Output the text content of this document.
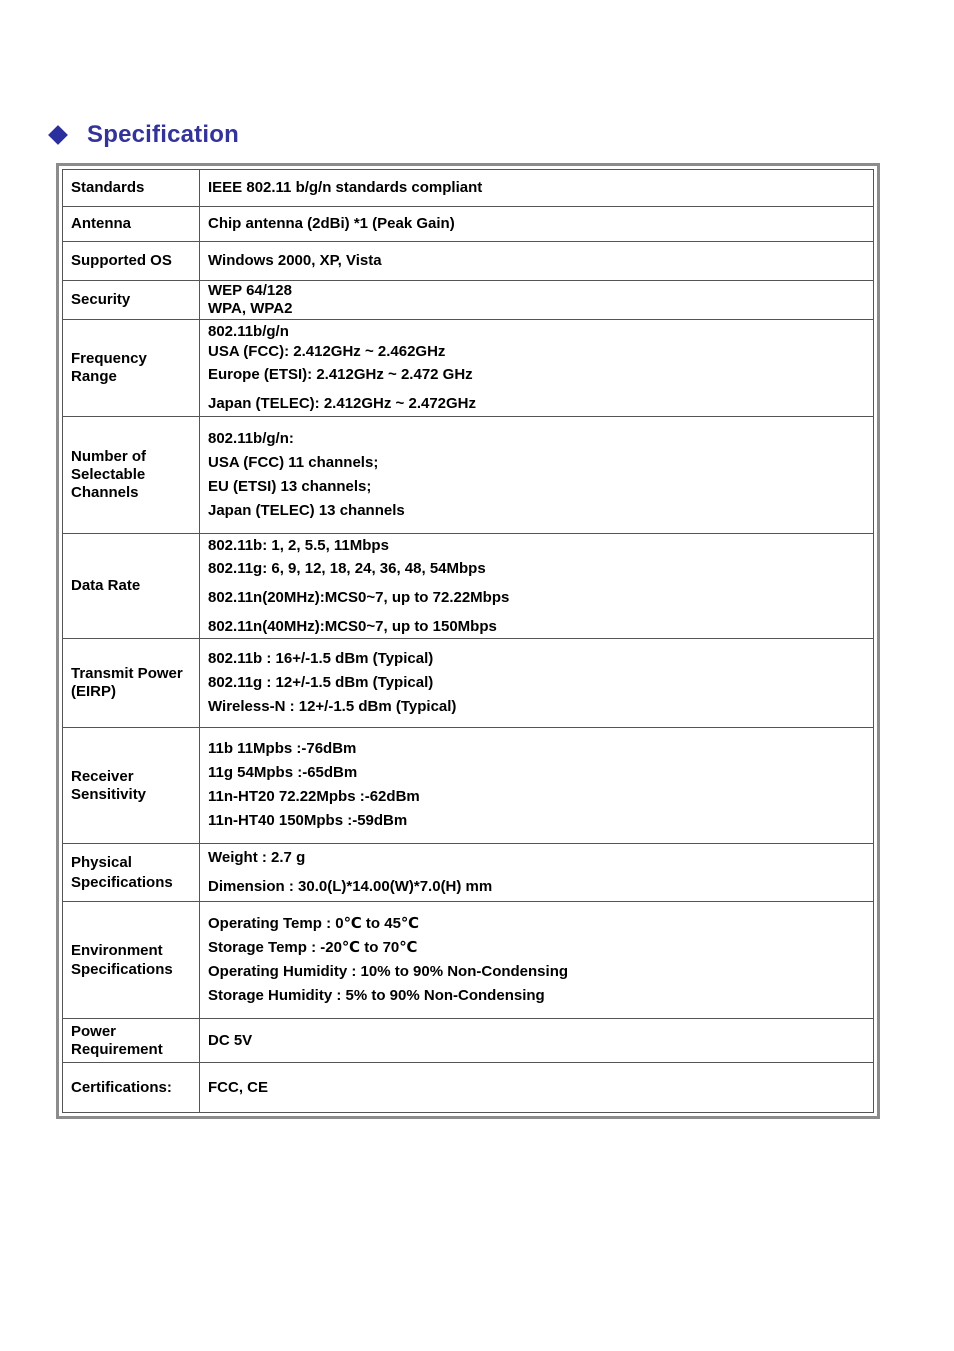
Specification
Standards	IEEE 802.11 b/g/n standards compliant

Antenna	Chip antenna (2dBi) *1 (Peak Gain)

Supported OS	Windows 2000, XP, Vista

Security	WEP 64/128
WPA, WPA2

Frequency
Range	802.11b/g/n
USA (FCC): 2.412GHz ~ 2.462GHz
Europe (ETSI): 2.412GHz ~ 2.472 GHz
Japan (TELEC): 2.412GHz ~ 2.472GHz

Number of
Selectable
Channels	802.11b/g/n:
USA (FCC) 11 channels;
EU (ETSI) 13 channels;
Japan (TELEC) 13 channels

Data Rate	802.11b: 1, 2, 5.5, 11Mbps
802.11g: 6, 9, 12, 18, 24, 36, 48, 54Mbps
802.11n(20MHz):MCS0~7, up to 72.22Mbps
802.11n(40MHz):MCS0~7, up to 150Mbps

Transmit Power
(EIRP)	802.11b : 16+/-1.5 dBm (Typical)
802.11g : 12+/-1.5 dBm (Typical)
Wireless-N : 12+/-1.5 dBm (Typical)

Receiver
Sensitivity	11b 11Mpbs :-76dBm
11g 54Mpbs :-65dBm
11n-HT20 72.22Mpbs :-62dBm
11n-HT40 150Mpbs :-59dBm

Physical
Specifications	Weight : 2.7 g
Dimension : 30.0(L)*14.00(W)*7.0(H) mm

Environment
Specifications	Operating Temp : 0℃ to 45℃
Storage Temp : -20℃ to 70℃
Operating Humidity : 10% to 90% Non-Condensing
Storage Humidity : 5% to 90% Non-Condensing

Power
Requirement	DC 5V

Certifications:	FCC, CE
